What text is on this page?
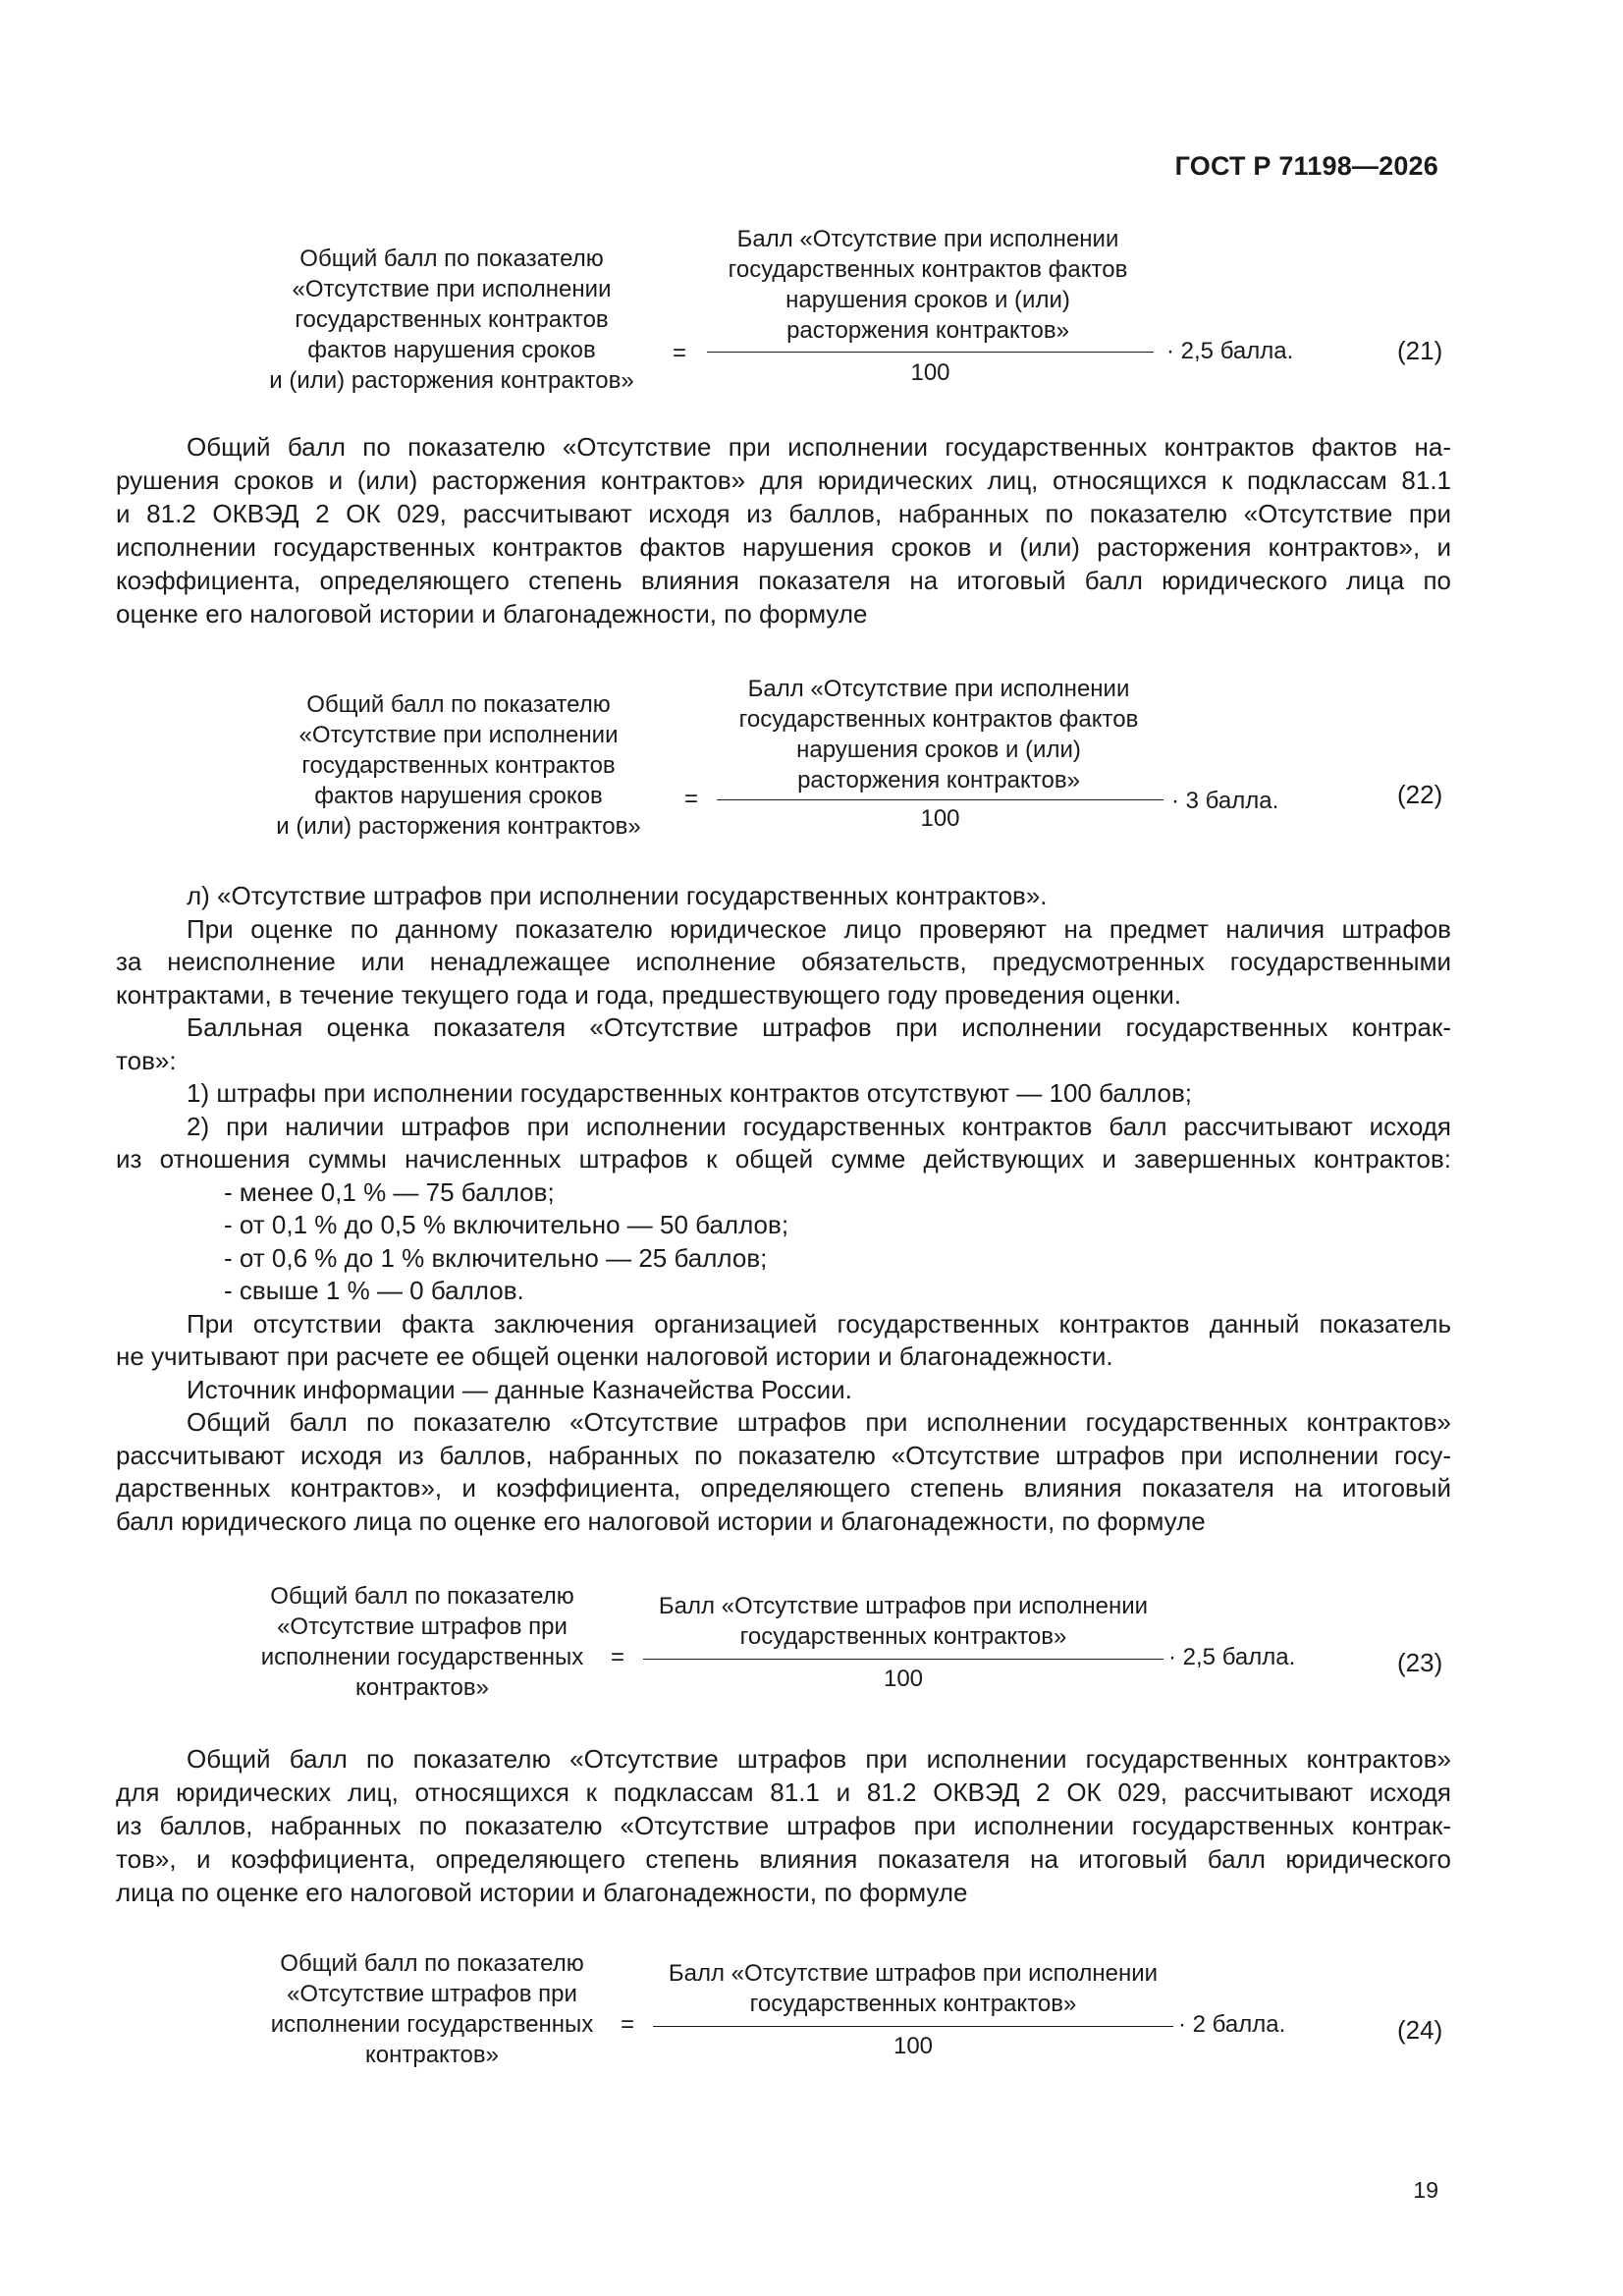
ГОСТ Р 71198—2026
Общий балл по показателю
«Отсутствие при исполнении
государственных контрактов
фактов нарушения сроков
и (или) расторжения контрактов»
=
Балл «Отсутствие при исполнении
государственных контрактов фактов
нарушения сроков и (или)
расторжения контрактов»
100
· 2,5 балла.	(21)
Общий балл по показателю «Отсутствие при исполнении государственных контрактов фактов на-
рушения сроков и (или) расторжения контрактов» для юридических лиц, относящихся к подклассам 81.1
и 81.2 ОКВЭД 2 ОК 029, рассчитывают исходя из баллов, набранных по показателю «Отсутствие при
исполнении государственных контрактов фактов нарушения сроков и (или) расторжения контрактов», и
коэффициента, определяющего степень влияния показателя на итоговый балл юридического лица по
оценке его налоговой истории и благонадежности, по формуле
Общий балл по показателю
«Отсутствие при исполнении
государственных контрактов
фактов нарушения сроков
и (или) расторжения контрактов»
=
Балл «Отсутствие при исполнении
государственных контрактов фактов
нарушения сроков и (или)
расторжения контрактов»
100
· 3 балла.	(22)
л) «Отсутствие штрафов при исполнении государственных контрактов».
При оценке по данному показателю юридическое лицо проверяют на предмет наличия штрафов
за неисполнение или ненадлежащее исполнение обязательств, предусмотренных государственными
контрактами, в течение текущего года и года, предшествующего году проведения оценки.
Балльная оценка показателя «Отсутствие штрафов при исполнении государственных контрак-
тов»:
1) штрафы при исполнении государственных контрактов отсутствуют — 100 баллов;
2) при наличии штрафов при исполнении государственных контрактов балл рассчитывают исходя
из отношения суммы начисленных штрафов к общей сумме действующих и завершенных контрактов:
- менее 0,1 % — 75 баллов;
- от 0,1 % до 0,5 % включительно — 50 баллов;
- от 0,6 % до 1 % включительно — 25 баллов;
- свыше 1 % — 0 баллов.
При отсутствии факта заключения организацией государственных контрактов данный показатель
не учитывают при расчете ее общей оценки налоговой истории и благонадежности.
Источник информации — данные Казначейства России.
Общий балл по показателю «Отсутствие штрафов при исполнении государственных контрактов»
рассчитывают исходя из баллов, набранных по показателю «Отсутствие штрафов при исполнении госу-
дарственных контрактов», и коэффициента, определяющего степень влияния показателя на итоговый
балл юридического лица по оценке его налоговой истории и благонадежности, по формуле
Общий балл по показателю
«Отсутствие штрафов при
исполнении государственных
контрактов»
=
Балл «Отсутствие штрафов при исполнении
государственных контрактов»
100
· 2,5 балла.	(23)
Общий балл по показателю «Отсутствие штрафов при исполнении государственных контрактов»
для юридических лиц, относящихся к подклассам 81.1 и 81.2 ОКВЭД 2 ОК 029, рассчитывают исходя
из баллов, набранных по показателю «Отсутствие штрафов при исполнении государственных контрак-
тов», и коэффициента, определяющего степень влияния показателя на итоговый балл юридического
лица по оценке его налоговой истории и благонадежности, по формуле
Общий балл по показателю
«Отсутствие штрафов при
исполнении государственных
контрактов»
=
Балл «Отсутствие штрафов при исполнении
государственных контрактов»
100
· 2 балла.	(24)
19
